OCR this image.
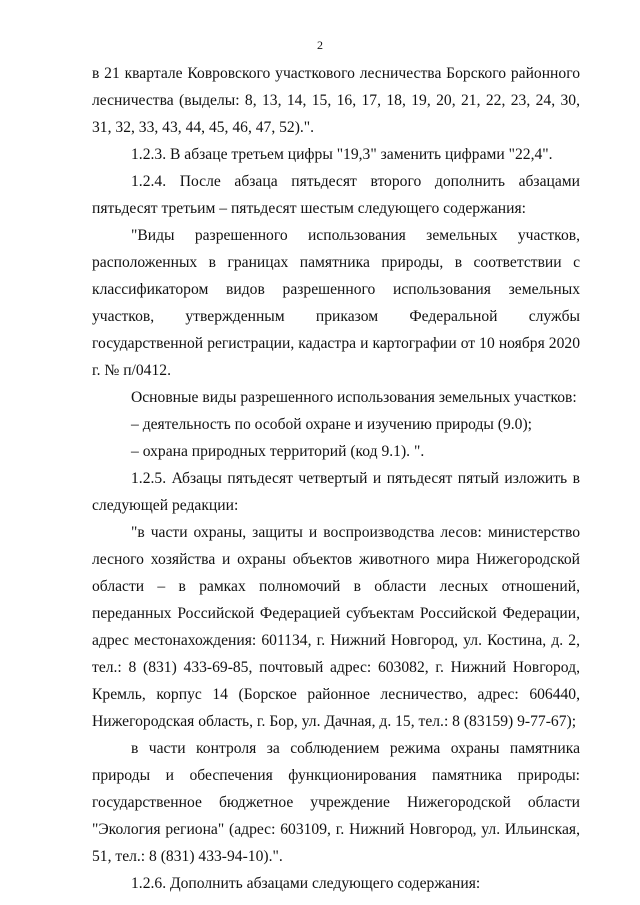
2

в 21 квартале Ковровского участкового лесничества Борского районного лесничества (выделы: 8, 13, 14, 15, 16, 17, 18, 19, 20, 21, 22, 23, 24, 30, 31, 32, 33, 43, 44, 45, 46, 47, 52).".

1.2.3. В абзаце третьем цифры "19,3" заменить цифрами "22,4".

1.2.4. После абзаца пятьдесят второго дополнить абзацами пятьдесят третьим – пятьдесят шестым следующего содержания:

"Виды разрешенного использования земельных участков, расположенных в границах памятника природы, в соответствии с классификатором видов разрешенного использования земельных участков, утвержденным приказом Федеральной службы государственной регистрации, кадастра и картографии от 10 ноября 2020 г. № п/0412.

Основные виды разрешенного использования земельных участков:

– деятельность по особой охране и изучению природы (9.0);

– охрана природных территорий (код 9.1). ".

1.2.5. Абзацы пятьдесят четвертый и пятьдесят пятый изложить в следующей редакции:

"в части охраны, защиты и воспроизводства лесов: министерство лесного хозяйства и охраны объектов животного мира Нижегородской области – в рамках полномочий в области лесных отношений, переданных Российской Федерацией субъектам Российской Федерации, адрес местонахождения: 601134, г. Нижний Новгород, ул. Костина, д. 2, тел.: 8 (831) 433-69-85, почтовый адрес: 603082, г. Нижний Новгород, Кремль, корпус 14 (Борское районное лесничество, адрес: 606440, Нижегородская область, г. Бор, ул. Дачная, д. 15, тел.: 8 (83159) 9-77-67);

в части контроля за соблюдением режима охраны памятника природы и обеспечения функционирования памятника природы: государственное бюджетное учреждение Нижегородской области "Экология региона" (адрес: 603109, г. Нижний Новгород, ул. Ильинская, 51, тел.: 8 (831) 433-94-10).".

1.2.6. Дополнить абзацами следующего содержания:
